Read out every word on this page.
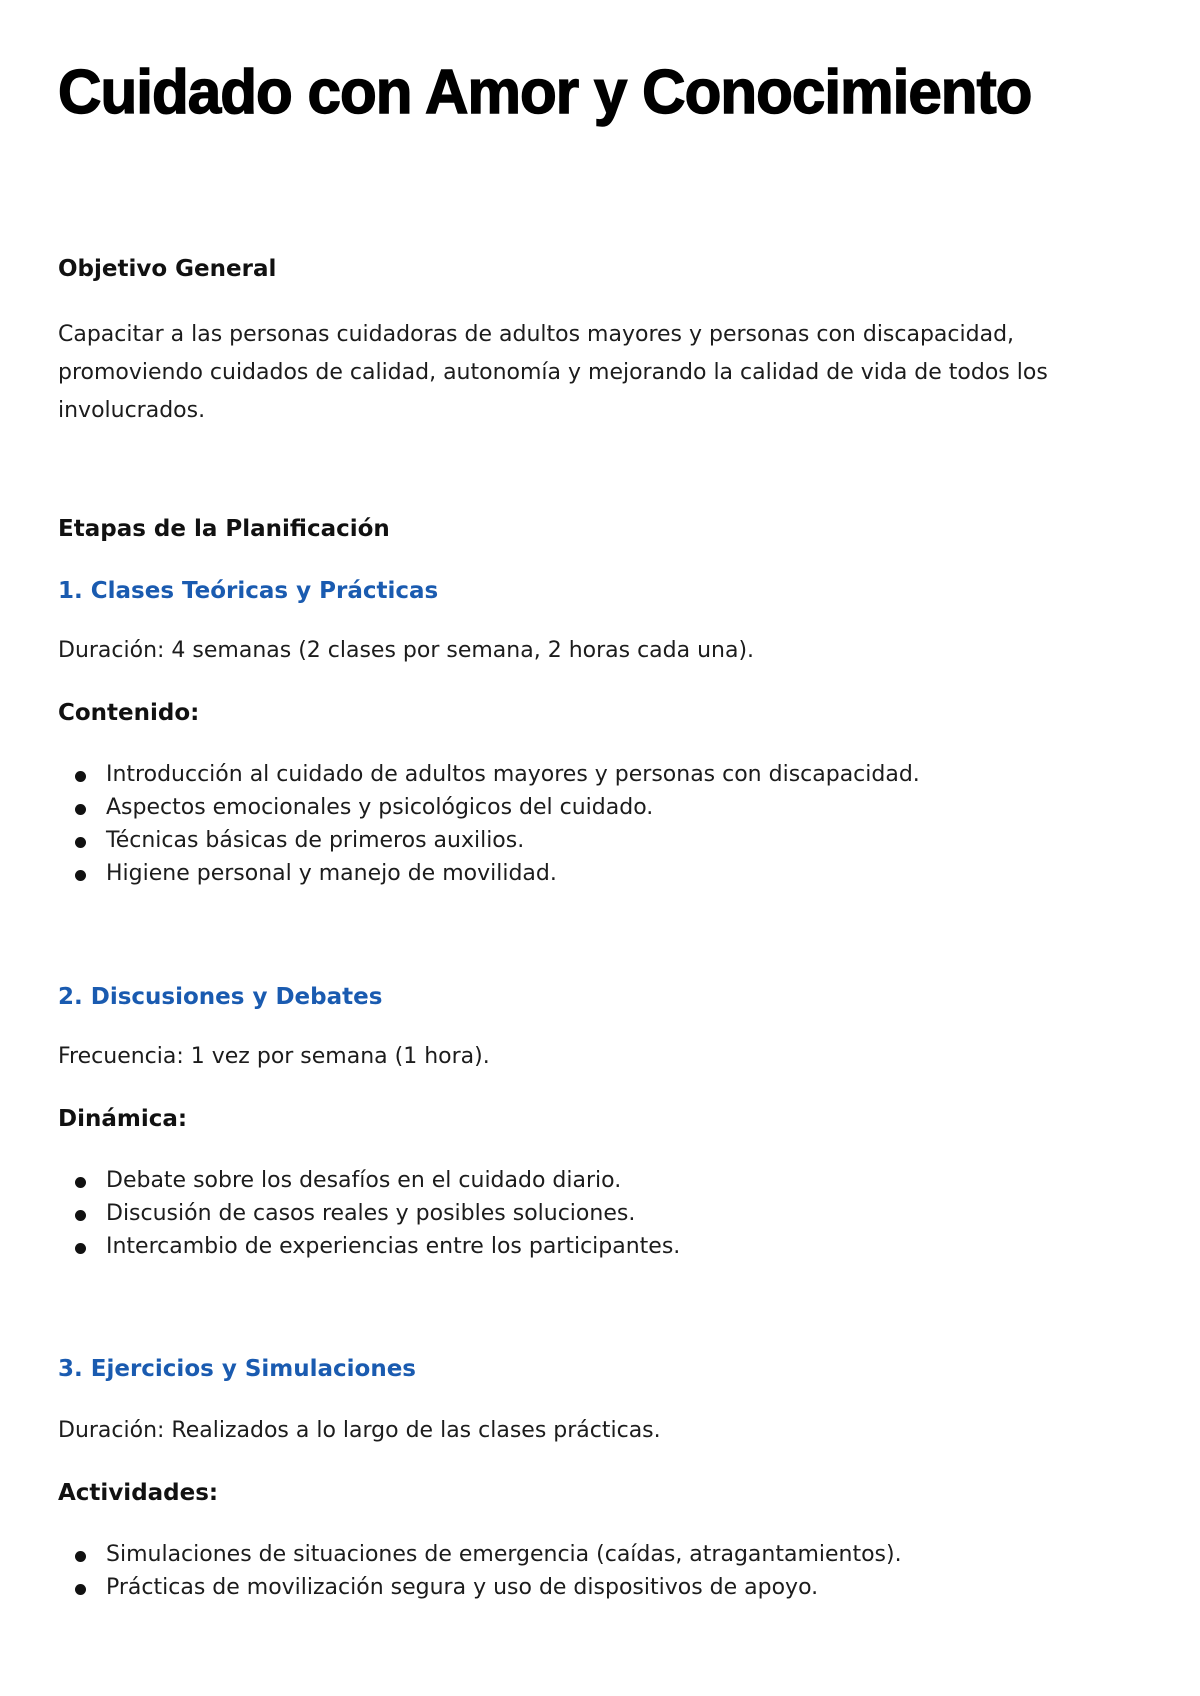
Cuidado con Amor y Conocimiento
Objetivo General

Capacitar a las personas cuidadoras de adultos mayores y personas con discapacidad, promoviendo cuidados de calidad, autonomía y mejorando la calidad de vida de todos los involucrados.

Etapas de la Planificación
1. Clases Teóricas y Prácticas
Duración: 4 semanas (2 clases por semana, 2 horas cada una).
Contenido:
Introducción al cuidado de adultos mayores y personas con discapacidad.
Aspectos emocionales y psicológicos del cuidado.
Técnicas básicas de primeros auxilios.
Higiene personal y manejo de movilidad.
2. Discusiones y Debates
Frecuencia: 1 vez por semana (1 hora).
Dinámica:
Debate sobre los desafíos en el cuidado diario.
Discusión de casos reales y posibles soluciones.
Intercambio de experiencias entre los participantes.
3. Ejercicios y Simulaciones
Duración: Realizados a lo largo de las clases prácticas.
Actividades:
Simulaciones de situaciones de emergencia (caídas, atragantamientos).
Prácticas de movilización segura y uso de dispositivos de apoyo.
